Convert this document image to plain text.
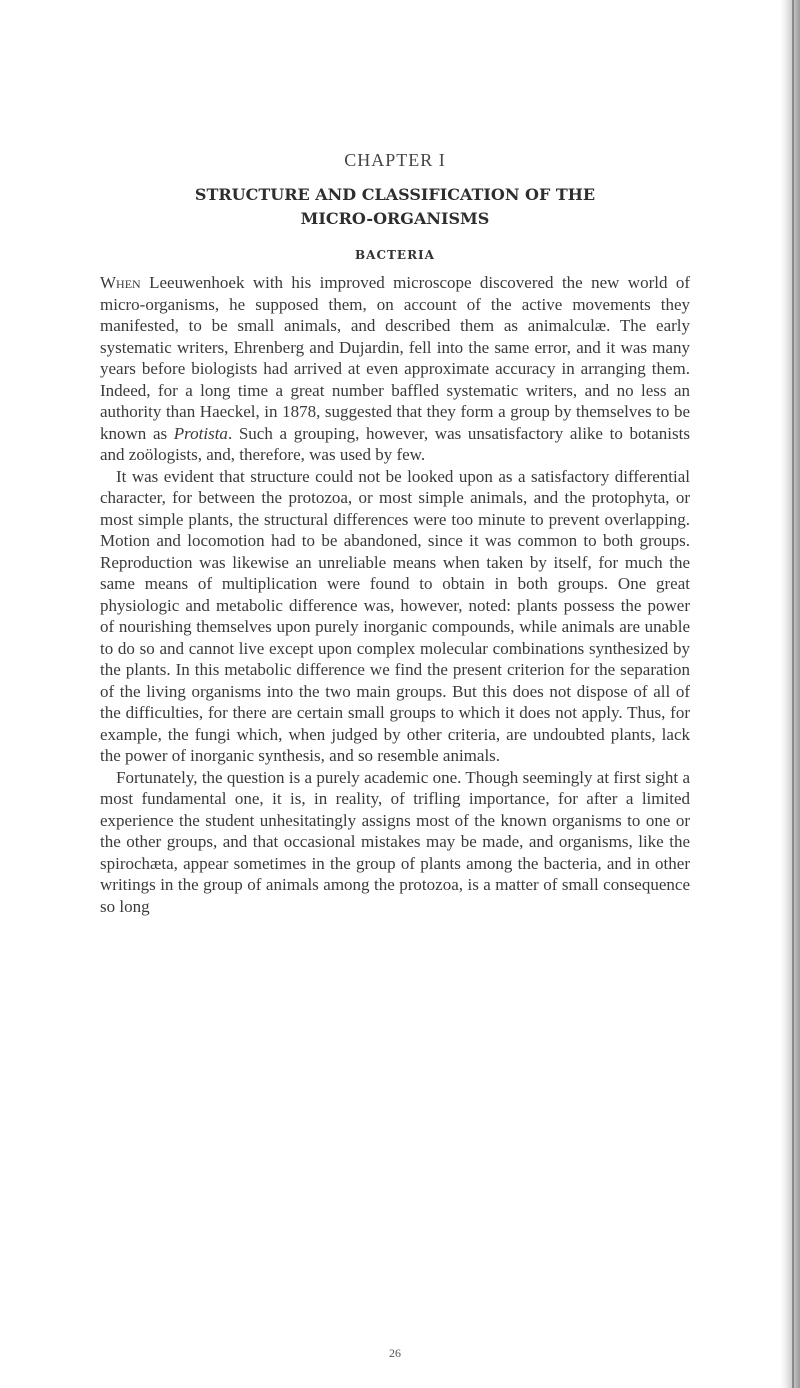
CHAPTER I
STRUCTURE AND CLASSIFICATION OF THE
MICRO-ORGANISMS
BACTERIA

When Leeuwenhoek with his improved microscope discovered the new world of micro-organisms, he supposed them, on account of the active movements they manifested, to be small animals, and described them as animalculæ. The early systematic writers, Ehrenberg and Dujardin, fell into the same error, and it was many years before biologists had arrived at even approximate accuracy in arranging them. Indeed, for a long time a great number baffled systematic writers, and no less an authority than Haeckel, in 1878, suggested that they form a group by themselves to be known as Protista. Such a grouping, however, was unsatisfactory alike to botanists and zoölogists, and, therefore, was used by few.

It was evident that structure could not be looked upon as a satisfactory differential character, for between the protozoa, or most simple animals, and the protophyta, or most simple plants, the structural differences were too minute to prevent overlapping. Motion and locomotion had to be abandoned, since it was common to both groups. Reproduction was likewise an unreliable means when taken by itself, for much the same means of multiplication were found to obtain in both groups. One great physiologic and metabolic difference was, however, noted: plants possess the power of nourishing themselves upon purely inorganic compounds, while animals are unable to do so and cannot live except upon complex molecular combinations synthesized by the plants. In this metabolic difference we find the present criterion for the separation of the living organisms into the two main groups. But this does not dispose of all of the difficulties, for there are certain small groups to which it does not apply. Thus, for example, the fungi which, when judged by other criteria, are undoubted plants, lack the power of inorganic synthesis, and so resemble animals.

Fortunately, the question is a purely academic one. Though seemingly at first sight a most fundamental one, it is, in reality, of trifling importance, for after a limited experience the student unhesitatingly assigns most of the known organisms to one or the other groups, and that occasional mistakes may be made, and organisms, like the spirochæta, appear sometimes in the group of plants among the bacteria, and in other writings in the group of animals among the protozoa, is a matter of small consequence so long

26
